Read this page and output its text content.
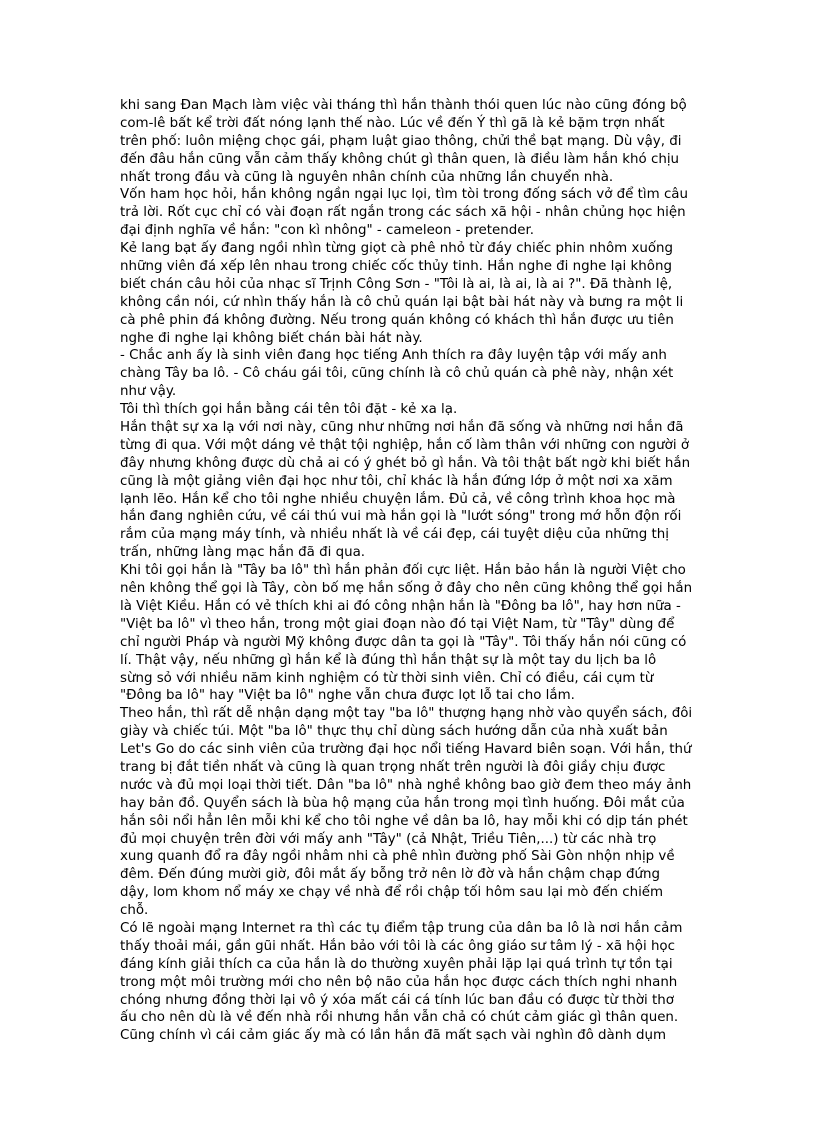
khi sang Đan Mạch làm việc vài tháng thì hắn thành thói quen lúc nào cũng đóng bộ
com-lê bất kể trời đất nóng lạnh thế nào. Lúc về đến Ý thì gã là kẻ bặm trợn nhất
trên phố: luôn miệng chọc gái, phạm luật giao thông, chửi thề bạt mạng. Dù vậy, đi
đến đâu hắn cũng vẫn cảm thấy không chút gì thân quen, là điều làm hắn khó chịu
nhất trong đầu và cũng là nguyên nhân chính của những lần chuyển nhà.
Vốn ham học hỏi, hắn không ngần ngại lục lọi, tìm tòi trong đống sách vở để tìm câu
trả lời. Rốt cục chỉ có vài đoạn rất ngắn trong các sách xã hội - nhân chủng học hiện
đại định nghĩa về hắn: "con kì nhông" - cameleon - pretender.
Kẻ lang bạt ấy đang ngồi nhìn từng giọt cà phê nhỏ từ đáy chiếc phin nhôm xuống
những viên đá xếp lên nhau trong chiếc cốc thủy tinh. Hắn nghe đi nghe lại không
biết chán câu hỏi của nhạc sĩ Trịnh Công Sơn - "Tôi là ai, là ai, là ai ?". Đã thành lệ,
không cần nói, cứ nhìn thấy hắn là cô chủ quán lại bật bài hát này và bưng ra một li
cà phê phin đá không đường. Nếu trong quán không có khách thì hắn được ưu tiên
nghe đi nghe lại không biết chán bài hát này.
- Chắc anh ấy là sinh viên đang học tiếng Anh thích ra đây luyện tập với mấy anh
chàng Tây ba lô. - Cô cháu gái tôi, cũng chính là cô chủ quán cà phê này, nhận xét
như vậy.
Tôi thì thích gọi hắn bằng cái tên tôi đặt - kẻ xa lạ.
Hắn thật sự xa lạ với nơi này, cũng như những nơi hắn đã sống và những nơi hắn đã
từng đi qua. Với một dáng vẻ thật tội nghiệp, hắn cố làm thân với những con người ở
đây nhưng không được dù chả ai có ý ghét bỏ gì hắn. Và tôi thật bất ngờ khi biết hắn
cũng là một giảng viên đại học như tôi, chỉ khác là hắn đứng lớp ở một nơi xa xăm
lạnh lẽo. Hắn kể cho tôi nghe nhiều chuyện lắm. Đủ cả, về công trình khoa học mà
hắn đang nghiên cứu, về cái thú vui mà hắn gọi là "lướt sóng" trong mớ hỗn độn rối
rắm của mạng máy tính, và nhiều nhất là về cái đẹp, cái tuyệt diệu của những thị
trấn, những làng mạc hắn đã đi qua.
Khi tôi gọi hắn là "Tây ba lô" thì hắn phản đối cực liệt. Hắn bảo hắn là người Việt cho
nên không thể gọi là Tây, còn bố mẹ hắn sống ở đây cho nên cũng không thể gọi hắn
là Việt Kiều. Hắn có vẻ thích khi ai đó công nhận hắn là "Đông ba lô", hay hơn nữa -
"Việt ba lô" vì theo hắn, trong một giai đoạn nào đó tại Việt Nam, từ "Tây" dùng để
chỉ người Pháp và người Mỹ không được dân ta gọi là "Tây". Tôi thấy hắn nói cũng có
lí. Thật vậy, nếu những gì hắn kể là đúng thì hắn thật sự là một tay du lịch ba lô
sừng sỏ với nhiều năm kinh nghiệm có từ thời sinh viên. Chỉ có điều, cái cụm từ
"Đông ba lô" hay "Việt ba lô" nghe vẫn chưa được lọt lỗ tai cho lắm.
Theo hắn, thì rất dễ nhận dạng một tay "ba lô" thượng hạng nhờ vào quyển sách, đôi
giày và chiếc túi. Một "ba lô" thực thụ chỉ dùng sách hướng dẫn của nhà xuất bản
Let's Go do các sinh viên của trường đại học nổi tiếng Havard biên soạn. Với hắn, thứ
trang bị đắt tiền nhất và cũng là quan trọng nhất trên người là đôi giầy chịu được
nước và đủ mọi loại thời tiết. Dân "ba lô" nhà nghề không bao giờ đem theo máy ảnh
hay bản đồ. Quyển sách là bùa hộ mạng của hắn trong mọi tình huống. Đôi mắt của
hắn sôi nổi hẳn lên mỗi khi kể cho tôi nghe về dân ba lô, hay mỗi khi có dịp tán phét
đủ mọi chuyện trên đời với mấy anh "Tây" (cả Nhật, Triều Tiên,...) từ các nhà trọ
xung quanh đổ ra đây ngồi nhâm nhi cà phê nhìn đường phố Sài Gòn nhộn nhịp về
đêm. Đến đúng mười giờ, đôi mắt ấy bỗng trở nên lờ đờ và hắn chậm chạp đứng
dậy, lom khom nổ máy xe chạy về nhà để rồi chập tối hôm sau lại mò đến chiếm
chỗ.
Có lẽ ngoài mạng Internet ra thì các tụ điểm tập trung của dân ba lô là nơi hắn cảm
thấy thoải mái, gần gũi nhất. Hắn bảo với tôi là các ông giáo sư tâm lý - xã hội học
đáng kính giải thích ca của hắn là do thường xuyên phải lặp lại quá trình tự tồn tại
trong một môi trường mới cho nên bộ não của hắn học được cách thích nghi nhanh
chóng nhưng đồng thời lại vô ý xóa mất cái cá tính lúc ban đầu có được từ thời thơ
ấu cho nên dù là về đến nhà rồi nhưng hắn vẫn chả có chút cảm giác gì thân quen.
Cũng chính vì cái cảm giác ấy mà có lần hắn đã mất sạch vài nghìn đô dành dụm
